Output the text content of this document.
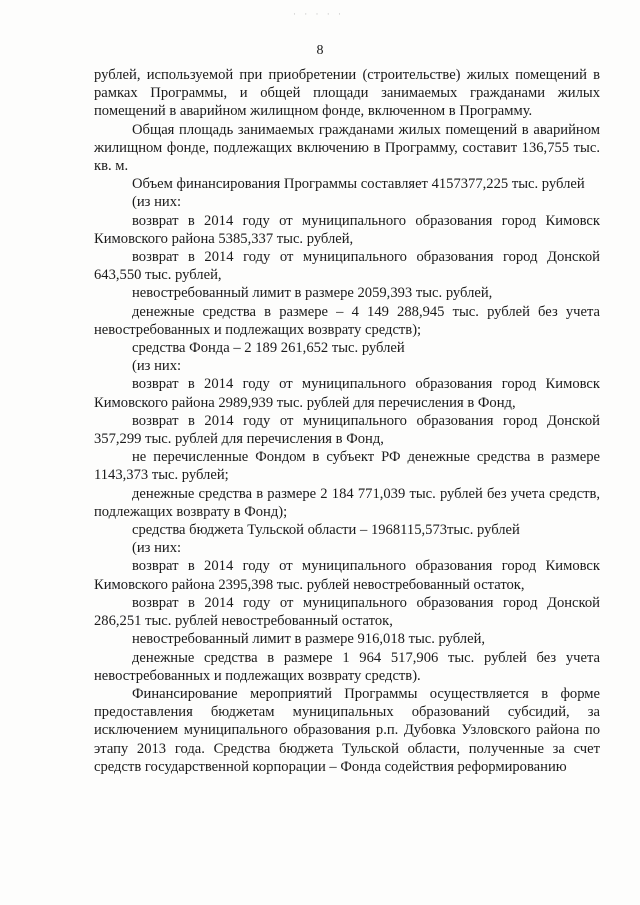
· · · · ·
8

рублей, используемой при приобретении (строительстве) жилых помещений в рамках Программы, и общей площади занимаемых гражданами жилых помещений в аварийном жилищном фонде, включенном в Программу.

Общая площадь занимаемых гражданами жилых помещений в аварийном жилищном фонде, подлежащих включению в Программу, составит 136,755 тыс. кв. м.

Объем финансирования Программы составляет 4157377,225 тыс. рублей

(из них:

возврат в 2014 году от муниципального образования город Кимовск Кимовского района 5385,337 тыс. рублей,

возврат в 2014 году от муниципального образования город Донской 643,550 тыс. рублей,

невостребованный лимит в размере 2059,393 тыс. рублей,

денежные средства в размере – 4 149 288,945 тыс. рублей без учета невостребованных и подлежащих возврату средств);

средства Фонда – 2 189 261,652 тыс. рублей

(из них:

возврат в 2014 году от муниципального образования город Кимовск Кимовского района 2989,939 тыс. рублей для перечисления в Фонд,

возврат в 2014 году от муниципального образования город Донской 357,299 тыс. рублей для перечисления в Фонд,

не перечисленные Фондом в субъект РФ денежные средства в размере 1143,373 тыс. рублей;

денежные средства в размере 2 184 771,039 тыс. рублей без учета средств, подлежащих возврату в Фонд);

средства бюджета Тульской области – 1968115,573тыс. рублей

(из них:

возврат в 2014 году от муниципального образования город Кимовск Кимовского района 2395,398 тыс. рублей невостребованный остаток,

возврат в 2014 году от муниципального образования город Донской 286,251 тыс. рублей невостребованный остаток,

невостребованный лимит в размере 916,018 тыс. рублей,

денежные средства в размере 1 964 517,906 тыс. рублей без учета невостребованных и подлежащих возврату средств).

Финансирование мероприятий Программы осуществляется в форме предоставления бюджетам муниципальных образований субсидий, за исключением муниципального образования р.п. Дубовка Узловского района по этапу 2013 года. Средства бюджета Тульской области, полученные за счет средств государственной корпорации – Фонда содействия реформированию
